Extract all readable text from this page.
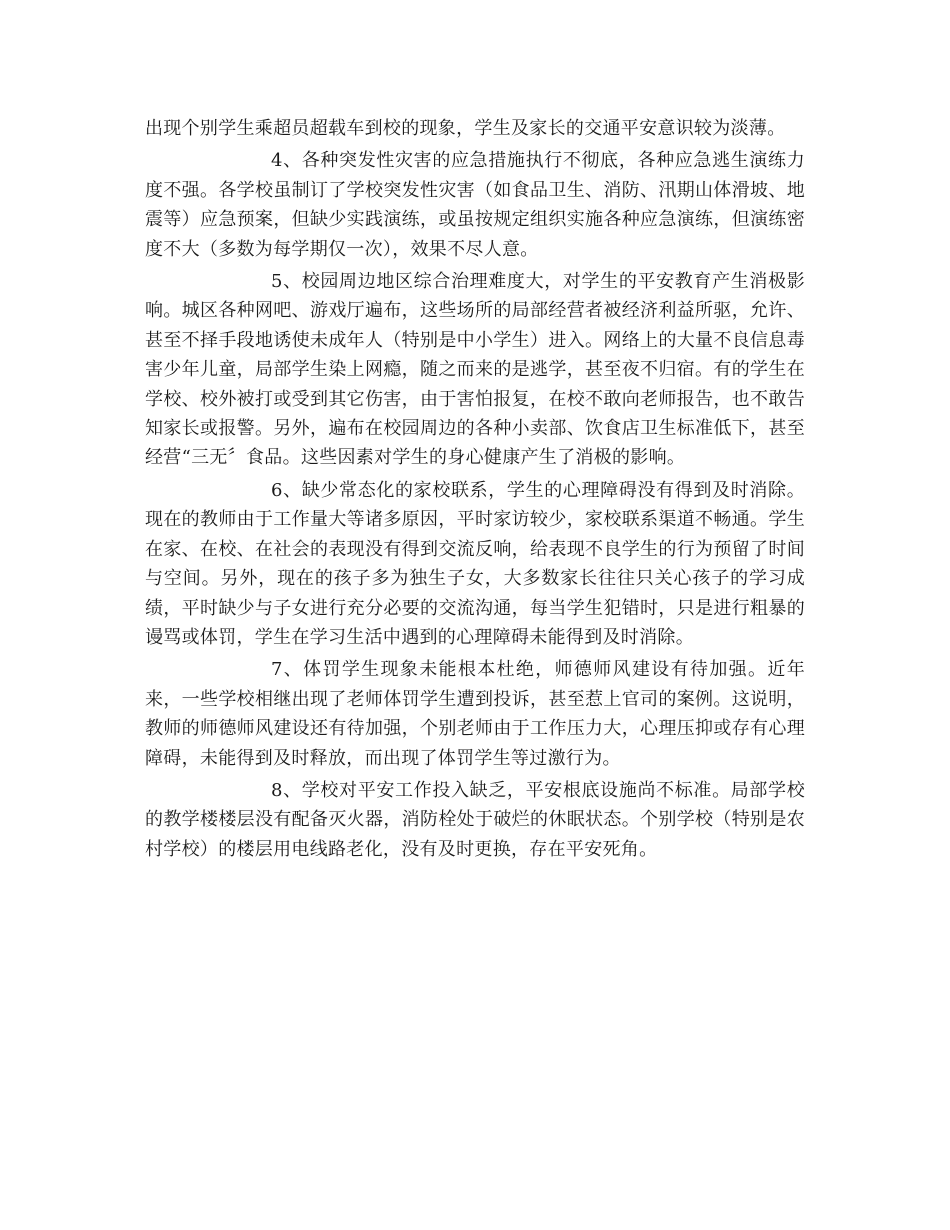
出现个别学生乘超员超载车到校的现象，学生及家长的交通平安意识较为淡薄。

4、各种突发性灾害的应急措施执行不彻底，各种应急逃生演练力度不强。各学校虽制订了学校突发性灾害（如食品卫生、消防、汛期山体滑坡、地震等）应急预案，但缺少实践演练，或虽按规定组织实施各种应急演练，但演练密度不大（多数为每学期仅一次），效果不尽人意。

5、校园周边地区综合治理难度大，对学生的平安教育产生消极影响。城区各种网吧、游戏厅遍布，这些场所的局部经营者被经济利益所驱，允许、甚至不择手段地诱使未成年人（特别是中小学生）进入。网络上的大量不良信息毒害少年儿童，局部学生染上网瘾，随之而来的是逃学，甚至夜不归宿。有的学生在学校、校外被打或受到其它伤害，由于害怕报复，在校不敢向老师报告，也不敢告知家长或报警。另外，遍布在校园周边的各种小卖部、饮食店卫生标准低下，甚至经营“三无〞食品。这些因素对学生的身心健康产生了消极的影响。

6、缺少常态化的家校联系，学生的心理障碍没有得到及时消除。现在的教师由于工作量大等诸多原因，平时家访较少，家校联系渠道不畅通。学生在家、在校、在社会的表现没有得到交流反响，给表现不良学生的行为预留了时间与空间。另外，现在的孩子多为独生子女，大多数家长往往只关心孩子的学习成绩，平时缺少与子女进行充分必要的交流沟通，每当学生犯错时，只是进行粗暴的谩骂或体罚，学生在学习生活中遇到的心理障碍未能得到及时消除。

7、体罚学生现象未能根本杜绝，师德师风建设有待加强。近年来，一些学校相继出现了老师体罚学生遭到投诉，甚至惹上官司的案例。这说明，教师的师德师风建设还有待加强，个别老师由于工作压力大，心理压抑或存有心理障碍，未能得到及时释放，而出现了体罚学生等过激行为。

8、学校对平安工作投入缺乏，平安根底设施尚不标准。局部学校的教学楼楼层没有配备灭火器，消防栓处于破烂的休眠状态。个别学校（特别是农村学校）的楼层用电线路老化，没有及时更换，存在平安死角。
